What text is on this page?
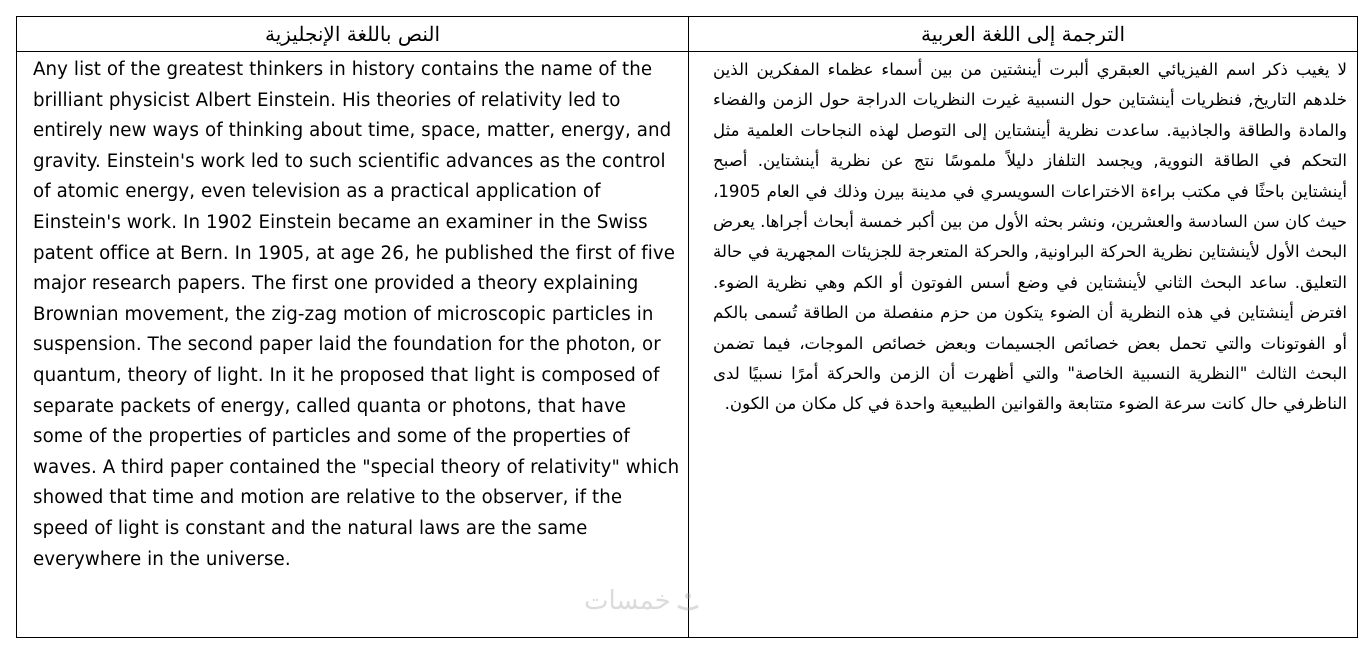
النص باللغة الإنجليزية
Any list of the greatest thinkers in history contains the name of the brilliant physicist Albert Einstein. His theories of relativity led to entirely new ways of thinking about time, space, matter, energy, and gravity. Einstein's work led to such scientific advances as the control of atomic energy, even television as a practical application of Einstein's work. In 1902 Einstein became an examiner in the Swiss patent office at Bern. In 1905, at age 26, he published the first of five major research papers. The first one provided a theory explaining Brownian movement, the zig-zag motion of microscopic particles in suspension. The second paper laid the foundation for the photon, or quantum, theory of light. In it he proposed that light is composed of separate packets of energy, called quanta or photons, that have some of the properties of particles and some of the properties of waves. A third paper contained the "special theory of relativity" which showed that time and motion are relative to the observer, if the speed of light is constant and the natural laws are the same everywhere in the universe.
الترجمة إلى اللغة العربية
لا يغيب ذكر اسم الفيزيائي العبقري ألبرت أينشتين من بين أسماء عظماء المفكرين الذين خلدهم التاريخ, فنظريات أينشتاين حول النسبية غيرت النظريات الدراجة حول الزمن والفضاء والمادة والطاقة والجاذبية. ساعدت نظرية أينشتاين إلى التوصل لهذه النجاحات العلمية مثل التحكم في الطاقة النووية, ويجسد التلفاز دليلاً ملموسًا نتج عن نظرية أينشتاين. أصبح أينشتاين باحثًا في مكتب براءة الاختراعات السويسري في مدينة بيرن وذلك في العام 1905، حيث كان سن السادسة والعشرين، ونشر بحثه الأول من بين أكبر خمسة أبحاث أجراها. يعرض البحث الأول لأينشتاين نظرية الحركة البراونية, والحركة المتعرجة للجزيئات المجهرية في حالة التعليق. ساعد البحث الثاني لأينشتاين في وضع أسس الفوتون أو الكم وهي نظرية الضوء. افترض أينشتاين في هذه النظرية أن الضوء يتكون من حزم منفصلة من الطاقة تُسمى بالكم أو الفوتونات والتي تحمل بعض خصائص الجسيمات وبعض خصائص الموجات، فيما تضمن البحث الثالث "النظرية النسبية الخاصة" والتي أظهرت أن الزمن والحركة أمرًا نسبيًا لدى الناظرفي حال كانت سرعة الضوء متتابعة والقوانين الطبيعية واحدة في كل مكان من الكون.
خمسات
